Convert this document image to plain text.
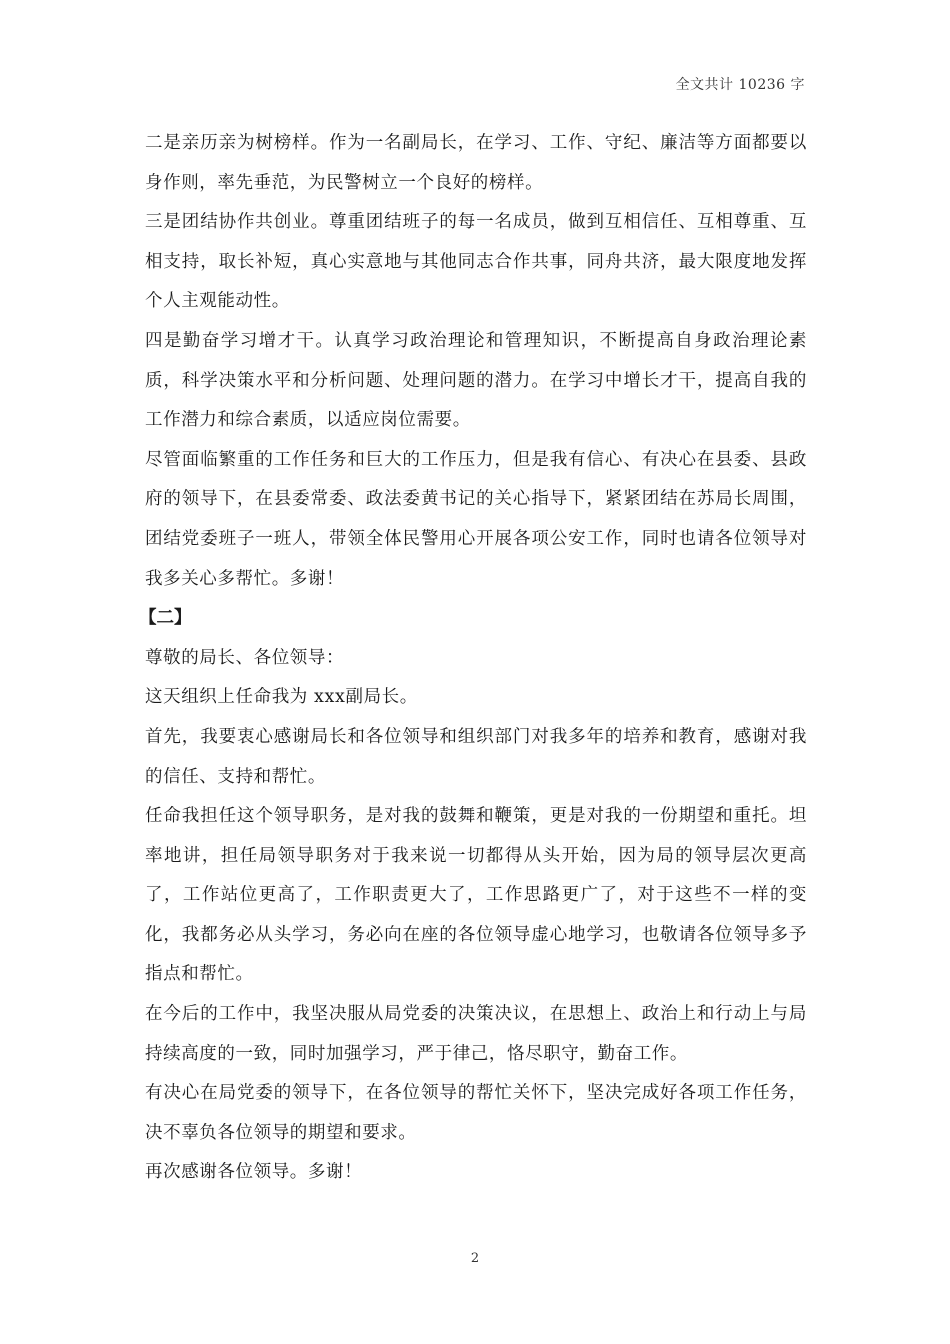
全文共计 10236 字

二是亲历亲为树榜样。作为一名副局长，在学习、工作、守纪、廉洁等方面都要以身作则，率先垂范，为民警树立一个良好的榜样。

三是团结协作共创业。尊重团结班子的每一名成员，做到互相信任、互相尊重、互相支持，取长补短，真心实意地与其他同志合作共事，同舟共济，最大限度地发挥个人主观能动性。

四是勤奋学习增才干。认真学习政治理论和管理知识，不断提高自身政治理论素质，科学决策水平和分析问题、处理问题的潜力。在学习中增长才干，提高自我的工作潜力和综合素质，以适应岗位需要。

尽管面临繁重的工作任务和巨大的工作压力，但是我有信心、有决心在县委、县政府的领导下，在县委常委、政法委黄书记的关心指导下，紧紧团结在苏局长周围，团结党委班子一班人，带领全体民警用心开展各项公安工作，同时也请各位领导对我多关心多帮忙。多谢！

【二】

尊敬的局长、各位领导：

这天组织上任命我为 xxx副局长。

首先，我要衷心感谢局长和各位领导和组织部门对我多年的培养和教育，感谢对我的信任、支持和帮忙。

任命我担任这个领导职务，是对我的鼓舞和鞭策，更是对我的一份期望和重托。坦率地讲，担任局领导职务对于我来说一切都得从头开始，因为局的领导层次更高了，工作站位更高了，工作职责更大了，工作思路更广了，对于这些不一样的变化，我都务必从头学习，务必向在座的各位领导虚心地学习，也敬请各位领导多予指点和帮忙。

在今后的工作中，我坚决服从局党委的决策决议，在思想上、政治上和行动上与局持续高度的一致，同时加强学习，严于律己，恪尽职守，勤奋工作。

有决心在局党委的领导下，在各位领导的帮忙关怀下，坚决完成好各项工作任务，决不辜负各位领导的期望和要求。

再次感谢各位领导。多谢！

2
